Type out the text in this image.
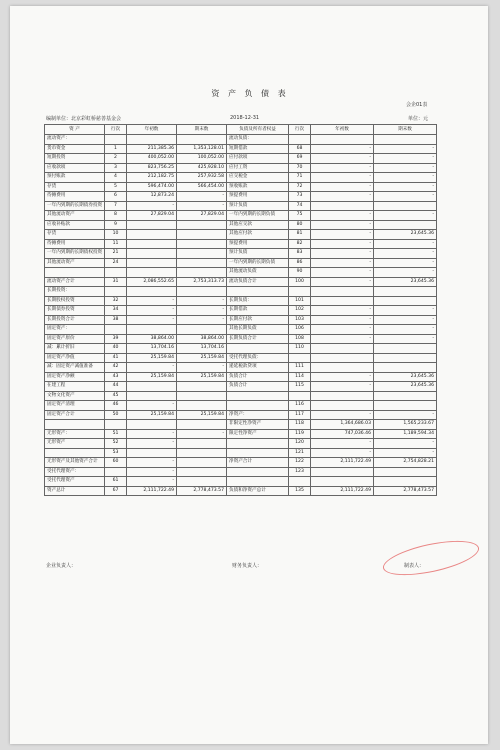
资 产 负 债 表
会企01表
编制单位：北京彩虹桥慈善基金会	2018-12-31	单位：元
资 产	行次	年初数	期末数	负债及所有者权益	行次	年初数	期末数
流动资产：				流动负债：			
货币资金	1	211,385.36	1,353,128.01	短期借款	68	-	-
短期投资	2	400,052.00	100,052.00	应付款项	69	-	-
应收款项	3	823,756.25	425,928.10	应付工资	70	-	-
预付账款	4	212,182.75	257,932.58	应交税金	71	-	-
存货	5	596,474.00	566,454.00	预收账款	72	-	-
待摊费用	6	12,873.24	-	预提费用	73	-	-
一年内到期的长期债券投资	7	-	-	预计负债	74		
其他流动资产	8	27,829.04	27,829.04	一年内到期的长期负债	75	-	-
应收补贴款	9			其他应交款	80	-	
存货	10			其他应付款	81	-	23,645.36
待摊费用	11			预提费用	82	-	-
一年内到期的长期债权投资	21			预计负债	83	-	-
其他流动资产	24			一年内到期的长期负债	86	-	-
				其他流动负债	90	-	-
流动资产合计	31	2,086,552.65	2,753,313.73	流动负债合计	100	-	23,645.36
长期投资：							
长期股权投资	32	-	-	长期负债：	101		
长期债券投资	34	-	-	长期借款	102	-	-
长期投资合计	38	-	-	长期应付款	103	-	-
固定资产：				其他长期负债	106	-	-
固定资产原价	39	38,864.00	38,864.00	长期负债合计	108	-	-
减：累计折旧	40	13,704.16	13,704.16		110		
固定资产净值	41	25,159.84	25,159.84	受托代理负债：			
减：固定资产减值准备	42	-	-	递延税款贷项	111		
固定资产净额	43	25,159.84	25,159.84	负债合计	114	-	23,645.36
在建工程	44			负债合计	115	-	23,645.36
文物文化资产	45						
固定资产清理	46	-			116		
固定资产合计	50	25,159.84	25,159.84	净资产：	117	-	-
				非限定性净资产	118	1,364,686.03	1,565,233.67
无形资产：	51	-	-	限定性净资产	119	747,036.46	1,189,594.34
无形资产	52	-			120	-	-
	53				121	-	-
无形资产及其他资产合计	60	-		净资产合计	122	2,111,722.49	2,754,828.21
受托代理资产：		-			123		
受托代理资产	61	-					
资产总计	67	2,111,722.49	2,778,473.57	负债和净资产总计	135	2,111,722.49	2,778,473.57
企业负责人：	财务负责人：	制表人：
